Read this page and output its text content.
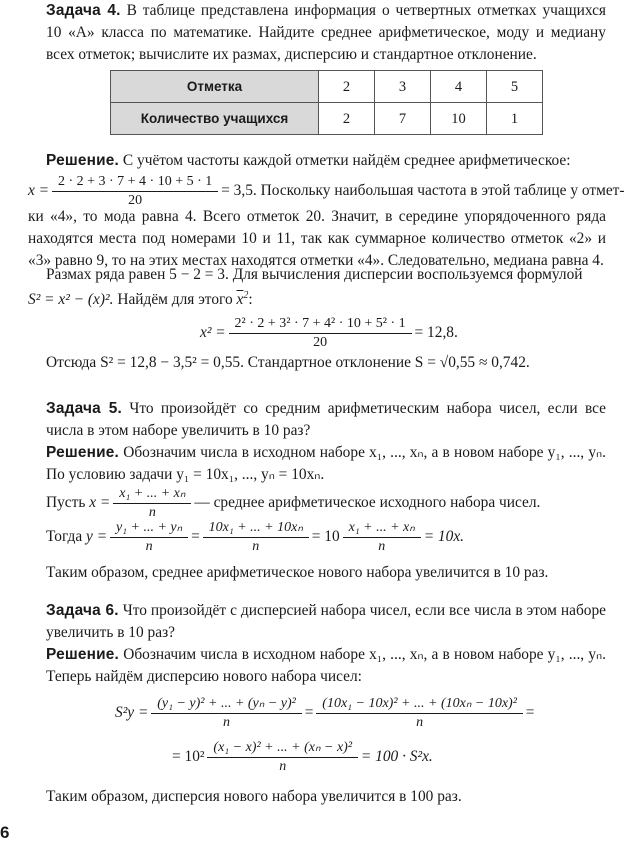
Задача 4. В таблице представлена информация о четвертных отметках учащихся 10 «А» класса по математике. Найдите среднее арифметическое, моду и медиану всех отметок; вычислите их размах, дисперсию и стандартное отклонение.
Отметка	2	3	4	5
Количество учащихся	2	7	10	1
Решение. С учётом частоты каждой отметки найдём среднее арифметическое:
$x = \frac{2 \cdot 2 + 3 \cdot 7 + 4 \cdot 10 + 5 \cdot 1}{20} = 3,5$. Поскольку наибольшая частота в этой таблице у отмет-
ки «4», то мода равна 4. Всего отметок 20. Значит, в середине упорядоченного ряда находятся места под номерами 10 и 11, так как суммарное количество отметок «2» и «3» равно 9, то на этих местах находятся отметки «4». Следовательно, медиана равна 4.
Размах ряда равен 5 − 2 = 3. Для вычисления дисперсии воспользуемся формулой
S² = x² − (x)². Найдём для этого $\overline{x}^2$:
$x^2 = \frac{\text{2² · 2 + 3² · 7 + 4² · 10 + 5² · 1}}{20} = 12,8$.
Отсюда S² = 12,8 − 3,5² = 0,55. Стандартное отклонение S = √0,55 ≈ 0,742.
Задача 5. Что произойдёт со средним арифметическим набора чисел, если все числа в этом наборе увеличить в 10 раз?
Решение. Обозначим числа в исходном наборе x₁, ..., xₙ, а в новом наборе y₁, ..., yₙ. По условию задачи y₁ = 10x₁, ..., yₙ = 10xₙ.
Пусть $x = \frac{\text{x₁ + ... + xₙ}}{n}$ — среднее арифметическое исходного набора чисел.
Тогда $y = \frac{\text{y₁ + ... + yₙ}}{n} = \frac{\text{10x₁ + ... + 10xₙ}}{n} = 10 \frac{\text{x₁ + ... + xₙ}}{n} = 10x$.
Таким образом, среднее арифметическое нового набора увеличится в 10 раз.
Задача 6. Что произойдёт с дисперсией набора чисел, если все числа в этом наборе увеличить в 10 раз?
Решение. Обозначим числа в исходном наборе x₁, ..., xₙ, а в новом наборе y₁, ..., yₙ. Теперь найдём дисперсию нового набора чисел:
$S^2y = \frac{\text{(y₁ − y)² + ... + (yₙ − y)²}}{n} = \frac{\text{(10x₁ − 10x)² + ... + (10xₙ − 10x)²}}{n}$ =
= $10^2 \frac{\text{(x₁ − x)² + ... + (xₙ − x)²}}{n} = 100 \cdot S^2x$.
Таким образом, дисперсия нового набора увеличится в 100 раз.
6
